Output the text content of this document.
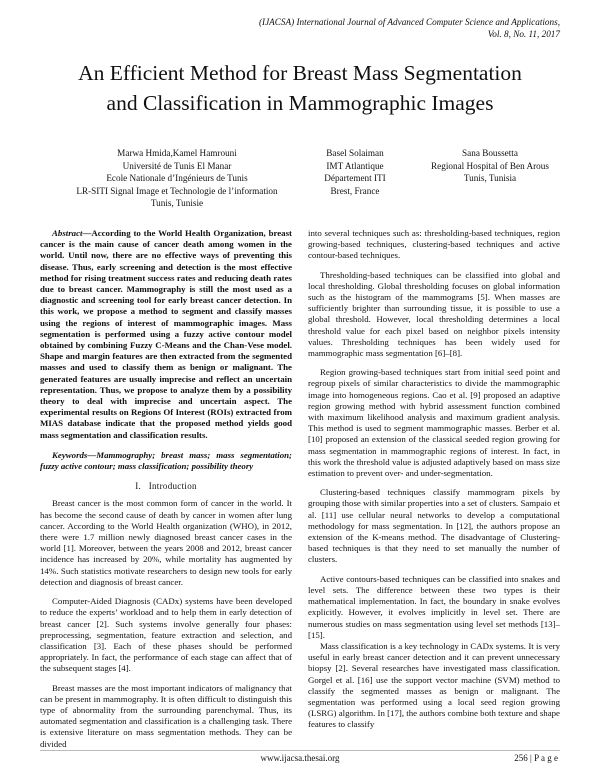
(IJACSA) International Journal of Advanced Computer Science and Applications,
Vol. 8, No. 11, 2017
An Efficient Method for Breast Mass Segmentation
and Classification in Mammographic Images
Marwa Hmida,Kamel Hamrouni
Université de Tunis El Manar
Ecole Nationale d’Ingénieurs de Tunis
LR-SITI Signal Image et Technologie de l’information
Tunis, Tunisie
Basel Solaiman
IMT Atlantique
Département ITI
Brest, France
Sana Boussetta
Regional Hospital of Ben Arous
Tunis, Tunisia

Abstract—According to the World Health Organization, breast cancer is the main cause of cancer death among women in the world. Until now, there are no effective ways of preventing this disease. Thus, early screening and detection is the most effective method for rising treatment success rates and reducing death rates due to breast cancer. Mammography is still the most used as a diagnostic and screening tool for early breast cancer detection. In this work, we propose a method to segment and classify masses using the regions of interest of mammographic images. Mass segmentation is performed using a fuzzy active contour model obtained by combining Fuzzy C-Means and the Chan-Vese model. Shape and margin features are then extracted from the segmented masses and used to classify them as benign or malignant. The generated features are usually imprecise and reflect an uncertain representation. Thus, we propose to analyze them by a possibility theory to deal with imprecise and uncertain aspect. The experimental results on Regions Of Interest (ROIs) extracted from MIAS database indicate that the proposed method yields good mass segmentation and classification results.

Keywords—Mammography; breast mass; mass segmentation; fuzzy active contour; mass classification; possibility theory

I. Introduction

Breast cancer is the most common form of cancer in the world. It has become the second cause of death by cancer in women after lung cancer. According to the World Health organization (WHO), in 2012, there were 1.7 million newly diagnosed breast cancer cases in the world [1]. Moreover, between the years 2008 and 2012, breast cancer incidence has increased by 20%, while mortality has augmented by 14%. Such statistics motivate researchers to design new tools for early detection and diagnosis of breast cancer.

Computer-Aided Diagnosis (CADx) systems have been developed to reduce the experts’ workload and to help them in early detection of breast cancer [2]. Such systems involve generally four phases: preprocessing, segmentation, feature extraction and selection, and classification [3]. Each of these phases should be performed appropriately. In fact, the performance of each stage can affect that of the subsequent stages [4].

Breast masses are the most important indicators of malignancy that can be present in mammography. It is often difficult to distinguish this type of abnormality from the surrounding parenchymal. Thus, its automated segmentation and classification is a challenging task. There is extensive literature on mass segmentation methods. They can be divided

into several techniques such as: thresholding-based techniques, region growing-based techniques, clustering-based techniques and active contour-based techniques.

Thresholding-based techniques can be classified into global and local thresholding. Global thresholding focuses on global information such as the histogram of the mammograms [5]. When masses are sufficiently brighter than surrounding tissue, it is possible to use a global threshold. However, local thresholding determines a local threshold value for each pixel based on neighbor pixels intensity values. Thresholding techniques has been widely used for mammographic mass segmentation [6]–[8].

Region growing-based techniques start from initial seed point and regroup pixels of similar characteristics to divide the mammographic image into homogeneous regions. Cao et al. [9] proposed an adaptive region growing method with hybrid assessment function combined with maximum likelihood analysis and maximum gradient analysis. This method is used to segment mammographic masses. Berber et al. [10] proposed an extension of the classical seeded region growing for mass segmentation in mammographic regions of interest. In fact, in this work the threshold value is adjusted adaptively based on mass size estimation to prevent over- and under-segmentation.

Clustering-based techniques classify mammogram pixels by grouping those with similar properties into a set of clusters. Sampaio et al. [11] use cellular neural networks to develop a computational methodology for mass segmentation. In [12], the authors propose an extension of the K-means method. The disadvantage of Clustering-based techniques is that they need to set manually the number of clusters.

Active contours-based techniques can be classified into snakes and level sets. The difference between these two types is their mathematical implementation. In fact, the boundary in snake evolves explicitly. However, it evolves implicitly in level set. There are numerous studies on mass segmentation using level set methods [13]–[15].

Mass classification is a key technology in CADx systems. It is very useful in early breast cancer detection and it can prevent unnecessary biopsy [2]. Several researches have investigated mass classification. Gorgel et al. [16] use the support vector machine (SVM) method to classify the segmented masses as benign or malignant. The segmentation was performed using a local seed region growing (LSRG) algorithm. In [17], the authors combine both texture and shape features to classify

www.ijacsa.thesai.org	256 | P a g e
